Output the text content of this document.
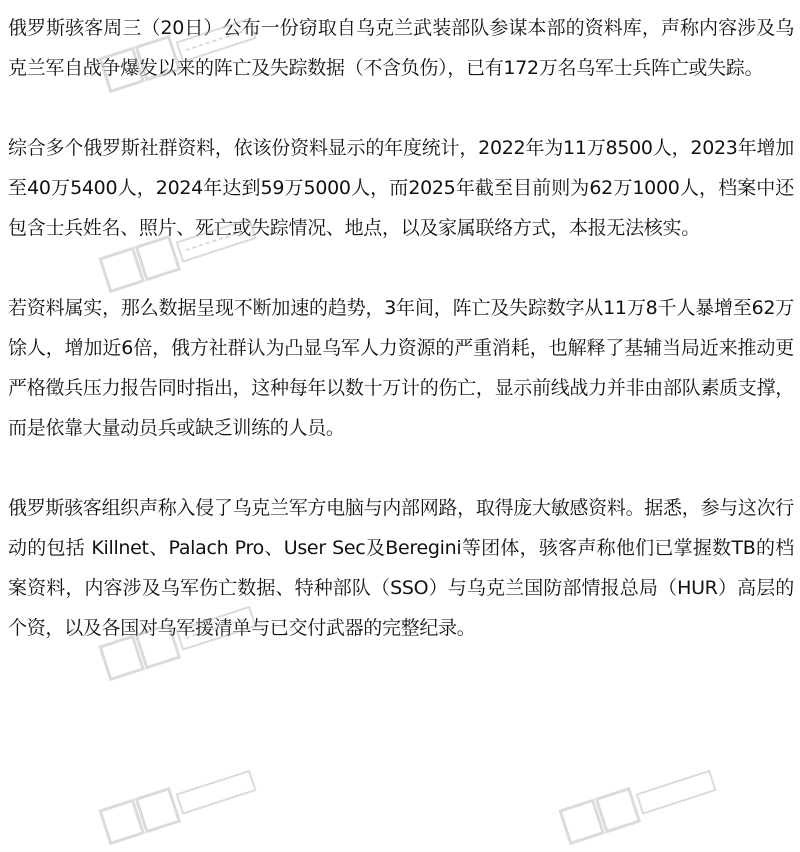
俄罗斯骇客周三（20日）公布一份窃取自乌克兰武装部队参谋本部的资料库，声称内容涉及乌克兰军自战争爆发以来的阵亡及失踪数据（不含负伤），已有172万名乌军士兵阵亡或失踪。

综合多个俄罗斯社群资料，依该份资料显示的年度统计，2022年为11万8500人，2023年增加至40万5400人，2024年达到59万5000人，而2025年截至目前则为62万1000人，档案中还包含士兵姓名、照片、死亡或失踪情况、地点，以及家属联络方式，本报无法核实。

若资料属实，那么数据呈现不断加速的趋势，3年间，阵亡及失踪数字从11万8千人暴增至62万馀人，增加近6倍，俄方社群认为凸显乌军人力资源的严重消耗，也解释了基辅当局近来推动更严格徵兵压力报告同时指出，这种每年以数十万计的伤亡，显示前线战力并非由部队素质支撑，而是依靠大量动员兵或缺乏训练的人员。

俄罗斯骇客组织声称入侵了乌克兰军方电脑与内部网路，取得庞大敏感资料。据悉，参与这次行动的包括 Killnet、Palach Pro、User Sec及Beregini等团体，骇客声称他们已掌握数TB的档案资料，内容涉及乌军伤亡数据、特种部队（SSO）与乌克兰国防部情报总局（HUR）高层的个资，以及各国对乌军援清单与已交付武器的完整纪录。
